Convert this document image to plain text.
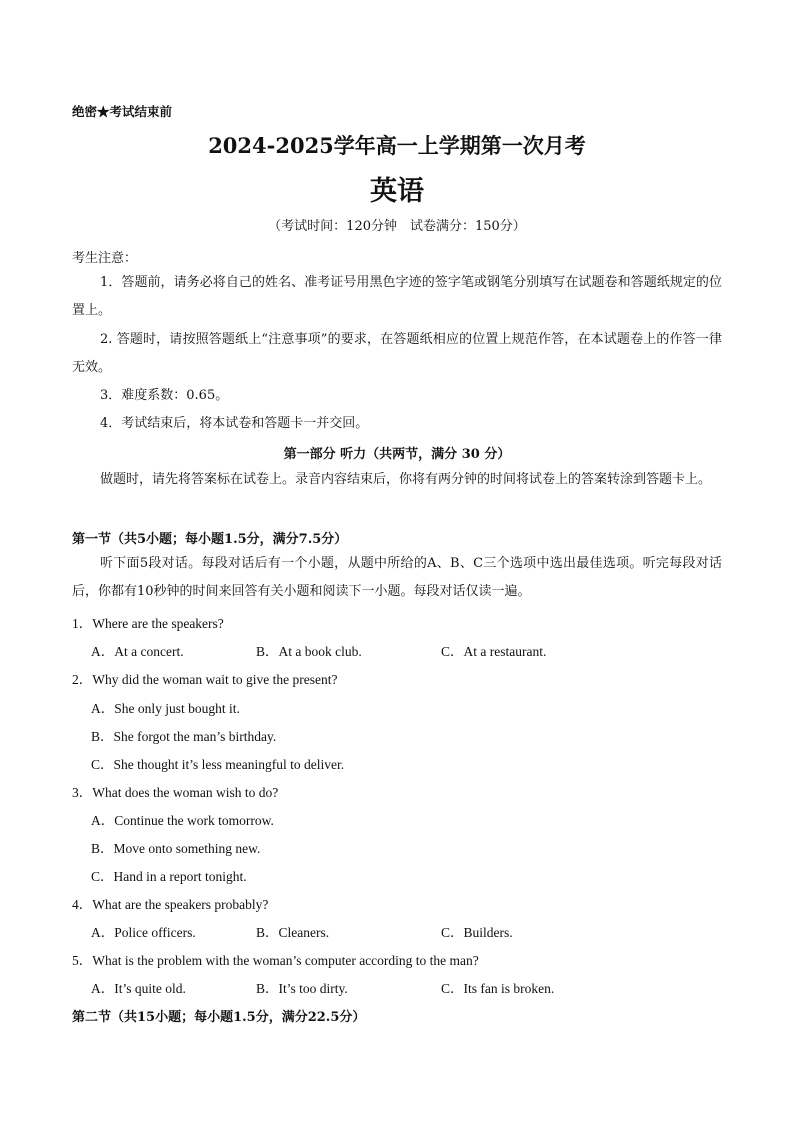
绝密★考试结束前
2024-2025学年高一上学期第一次月考
英语
（考试时间：120分钟　试卷满分：150分）
考生注意：
1．答题前，请务必将自己的姓名、准考证号用黑色字迹的签字笔或钢笔分别填写在试题卷和答题纸规定的位置上。
2. 答题时，请按照答题纸上“注意事项”的要求，在答题纸相应的位置上规范作答，在本试题卷上的作答一律无效。
3．难度系数：0.65。
4．考试结束后，将本试卷和答题卡一并交回。
第一部分 听力（共两节，满分 30 分）
做题时，请先将答案标在试卷上。录音内容结束后，你将有两分钟的时间将试卷上的答案转涂到答题卡上。
第一节（共5小题；每小题1.5分，满分7.5分）
听下面5段对话。每段对话后有一个小题，从题中所给的A、B、C三个选项中选出最佳选项。听完每段对话后，你都有10秒钟的时间来回答有关小题和阅读下一小题。每段对话仅读一遍。
1．Where are the speakers?
A．At a concert.	B．At a book club.	C．At a restaurant.
2．Why did the woman wait to give the present?
A．She only just bought it.
B．She forgot the man’s birthday.
C．She thought it’s less meaningful to deliver.
3．What does the woman wish to do?
A．Continue the work tomorrow.
B．Move onto something new.
C．Hand in a report tonight.
4．What are the speakers probably?
A．Police officers.	B．Cleaners.	C．Builders.
5．What is the problem with the woman’s computer according to the man?
A．It’s quite old.	B．It’s too dirty.	C．Its fan is broken.
第二节（共15小题；每小题1.5分，满分22.5分）
